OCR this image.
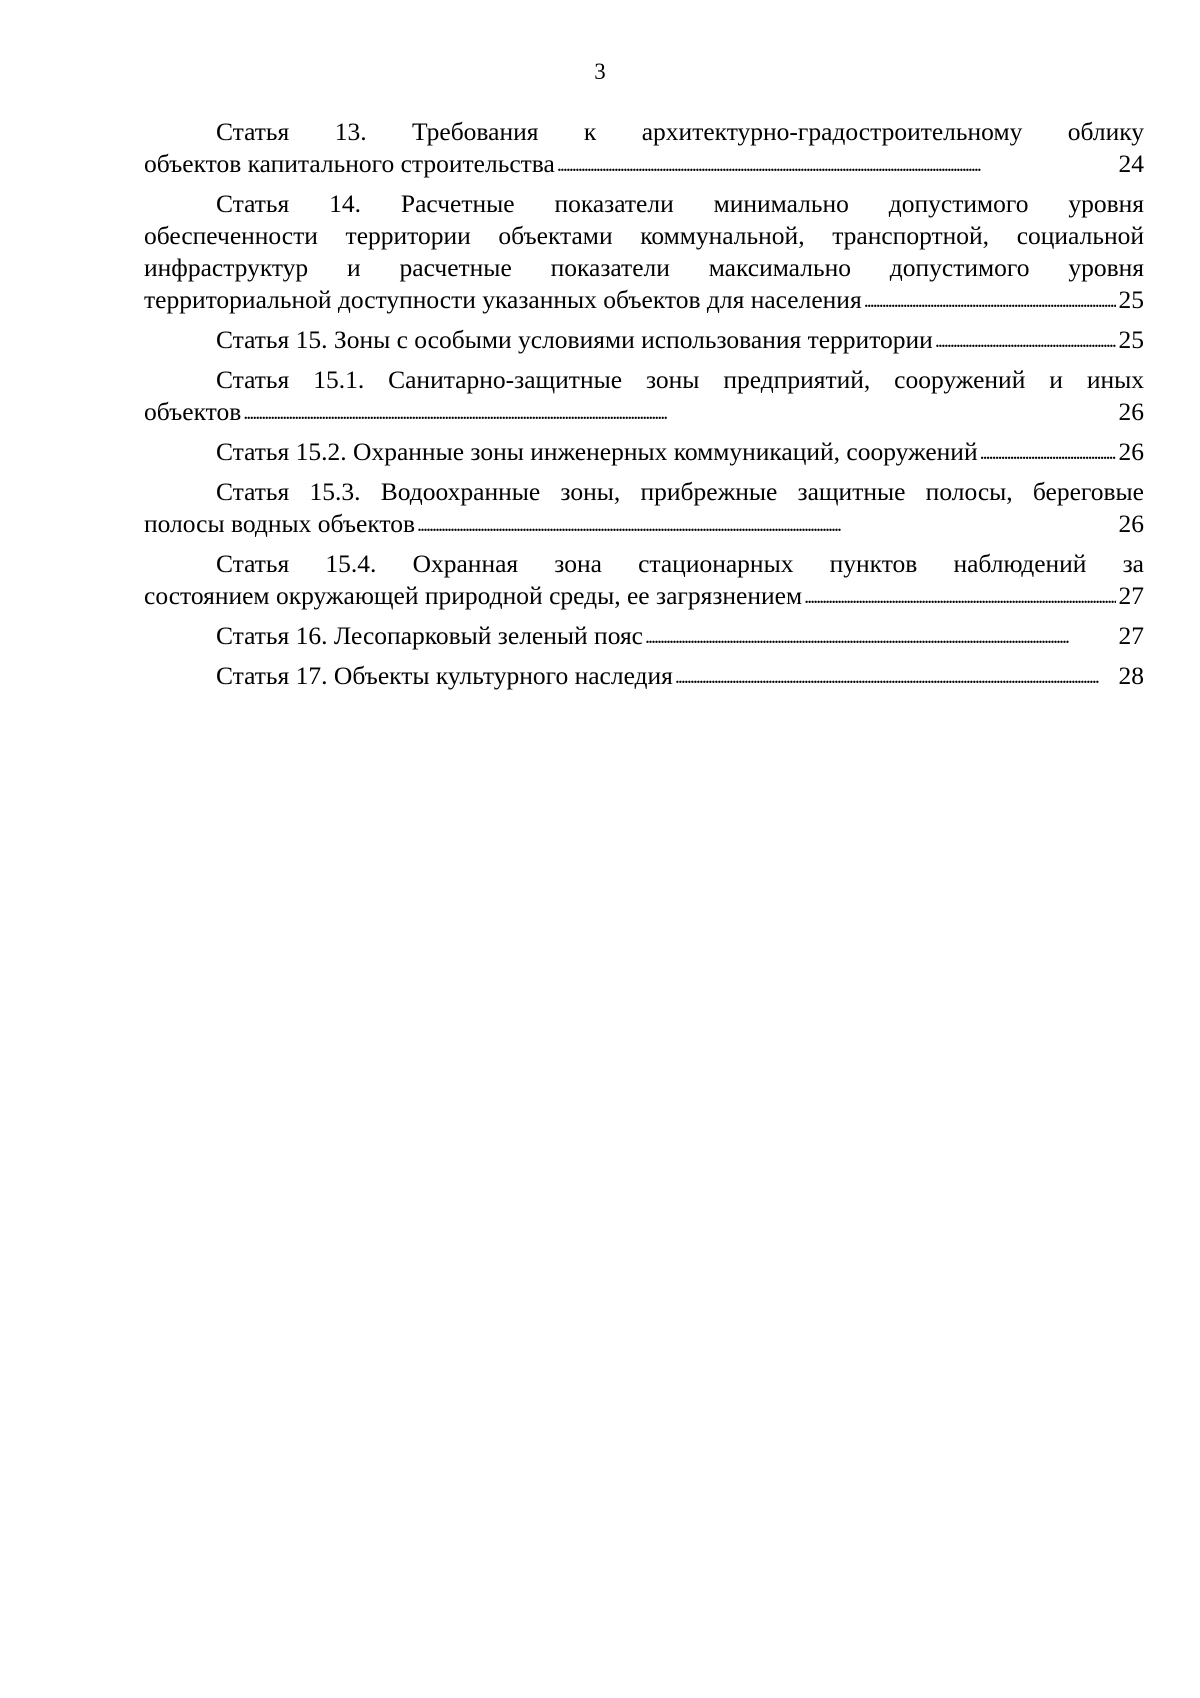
3
Статья 13. Требования к архитектурно-градостроительному облику
объектов капитального строительства . . .	24
Статья 14. Расчетные показатели минимально допустимого уровня
обеспеченности территории объектами коммунальной, транспортной, социальной
инфраструктур и расчетные показатели максимально допустимого уровня
территориальной доступности указанных объектов для населения . . .	25
Статья 15. Зоны с особыми условиями использования территории . . .	25
Статья 15.1. Санитарно-защитные зоны предприятий, сооружений и иных
объектов . . .	26
Статья 15.2. Охранные зоны инженерных коммуникаций, сооружений . . .	26
Статья 15.3. Водоохранные зоны, прибрежные защитные полосы, береговые
полосы водных объектов . . .	26
Статья 15.4. Охранная зона стационарных пунктов наблюдений за
состоянием окружающей природной среды, ее загрязнением . . .	27
Статья 16. Лесопарковый зеленый пояс . . .	27
Статья 17. Объекты культурного наследия . . .	28
